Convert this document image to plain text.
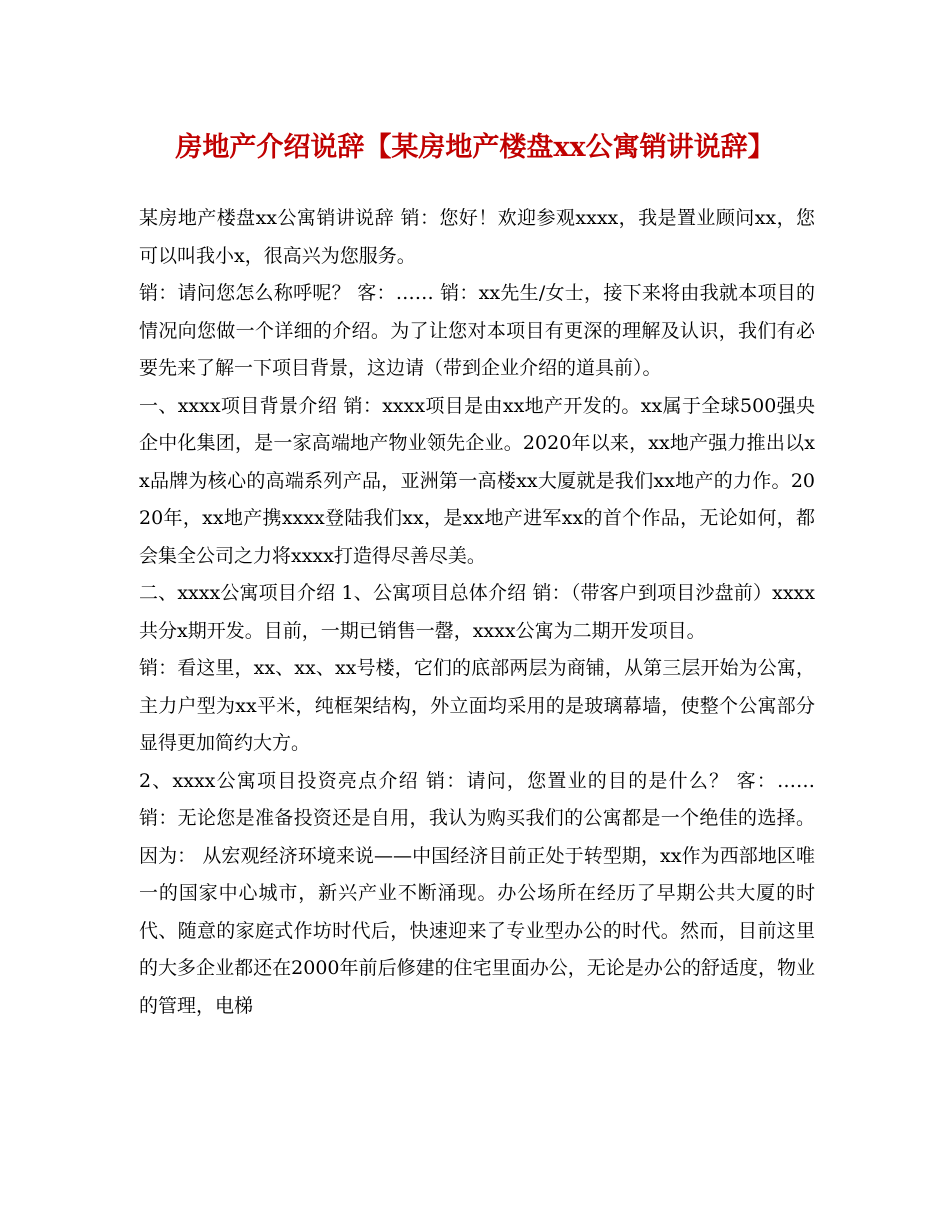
房地产介绍说辞【某房地产楼盘xx公寓销讲说辞】

某房地产楼盘xx公寓销讲说辞 销：您好！欢迎参观xxxx，我是置业顾问xx，您可以叫我小x，很高兴为您服务。

销：请问您怎么称呼呢？ 客：…… 销：xx先生/女士，接下来将由我就本项目的情况向您做一个详细的介绍。为了让您对本项目有更深的理解及认识，我们有必要先来了解一下项目背景，这边请（带到企业介绍的道具前）。

一、xxxx项目背景介绍 销：xxxx项目是由xx地产开发的。xx属于全球500强央企中化集团，是一家高端地产物业领先企业。2020年以来，xx地产强力推出以xx品牌为核心的高端系列产品，亚洲第一高楼xx大厦就是我们xx地产的力作。2020年，xx地产携xxxx登陆我们xx，是xx地产进军xx的首个作品，无论如何，都会集全公司之力将xxxx打造得尽善尽美。

二、xxxx公寓项目介绍 1、公寓项目总体介绍 销：（带客户到项目沙盘前）xxxx共分x期开发。目前，一期已销售一罄，xxxx公寓为二期开发项目。

销：看这里，xx、xx、xx号楼，它们的底部两层为商铺，从第三层开始为公寓，主力户型为xx平米，纯框架结构，外立面均采用的是玻璃幕墙，使整个公寓部分显得更加简约大方。

2、xxxx公寓项目投资亮点介绍 销：请问，您置业的目的是什么？ 客：…… 销：无论您是准备投资还是自用，我认为购买我们的公寓都是一个绝佳的选择。因为： 从宏观经济环境来说——中国经济目前正处于转型期，xx作为西部地区唯一的国家中心城市，新兴产业不断涌现。办公场所在经历了早期公共大厦的时代、随意的家庭式作坊时代后，快速迎来了专业型办公的时代。然而，目前这里的大多企业都还在2000年前后修建的住宅里面办公，无论是办公的舒适度，物业的管理，电梯
